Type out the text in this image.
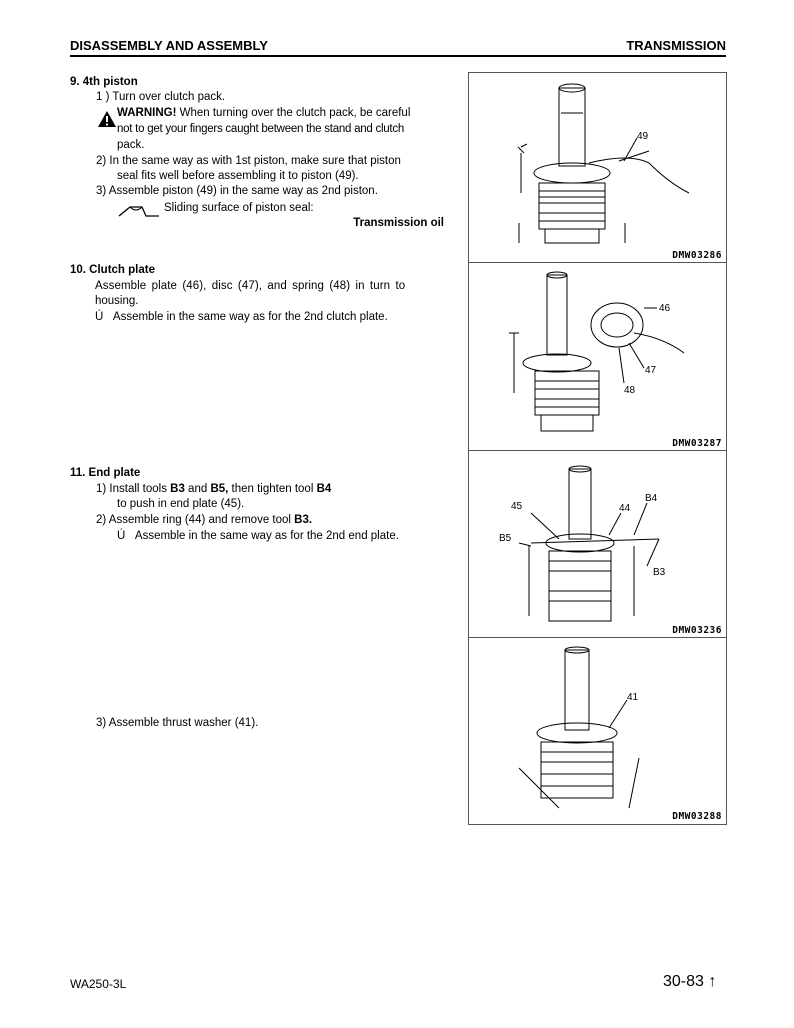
DISASSEMBLY AND ASSEMBLY	TRANSMISSION
9. 4th piston
1 ) Turn over clutch pack.
WARNING! When turning over the clutch pack, be careful
not to get your fingers caught between the stand and clutch
pack.
2) In the same way as with 1st piston, make sure that piston
seal fits well before assembling it to piston (49).
3) Assemble piston (49) in the same way as 2nd piston.
Sliding surface of piston seal:
Transmission oil
10. Clutch plate
Assemble plate (46), disc (47), and spring (48) in turn to
housing.
Ú Assemble in the same way as for the 2nd clutch plate.
11. End plate
1) Install tools B3 and B5, then tighten tool B4
to push in end plate (45).
2) Assemble ring (44) and remove tool B3.
Ú Assemble in the same way as for the 2nd end plate.
3) Assemble thrust washer (41).
49
DMW03286
46
47
48
DMW03287
45	44
B4
B5
B3
DMW03236
41
DMW03288
WA250-3L	30-83 ↑
